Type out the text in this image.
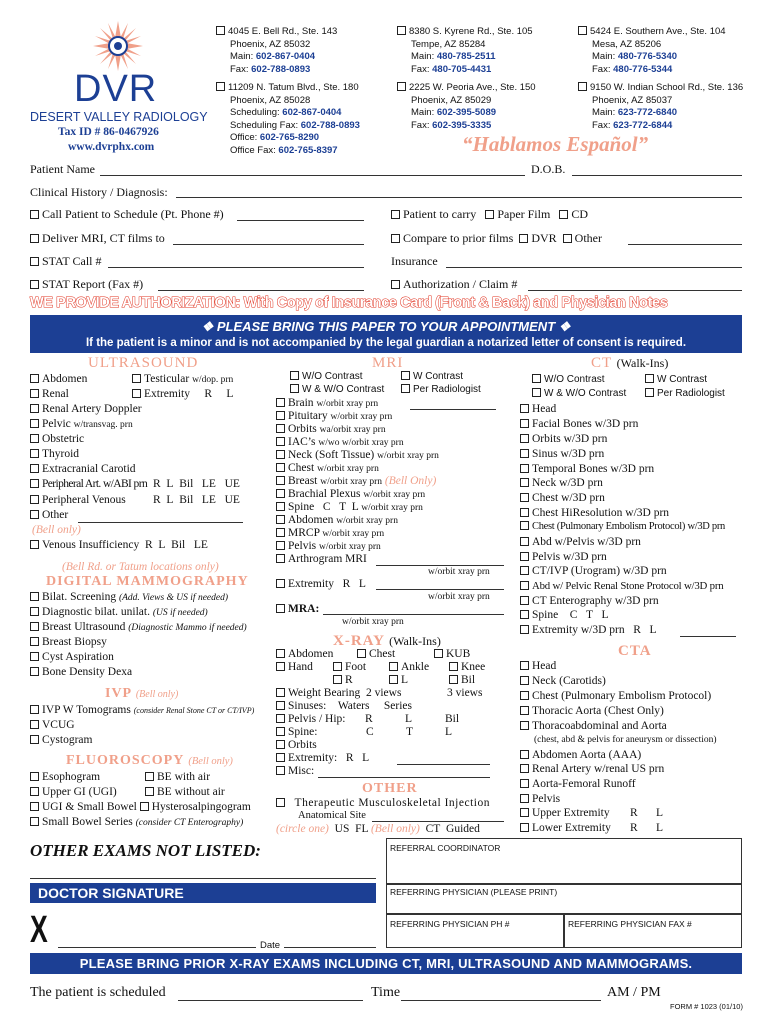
DVR
DESERT VALLEY RADIOLOGY
Tax ID # 86-0467926
www.dvrphx.com
4045 E. Bell Rd., Ste. 143
Phoenix, AZ 85032
Main: 602-867-0404
Fax: 602-788-0893
8380 S. Kyrene Rd., Ste. 105
Tempe, AZ 85284
Main: 480-785-2511
Fax: 480-705-4431
5424 E. Southern Ave., Ste. 104
Mesa, AZ 85206
Main: 480-776-5340
Fax: 480-776-5344
11209 N. Tatum Blvd., Ste. 180
Phoenix, AZ 85028
Scheduling: 602-867-0404
Scheduling Fax: 602-788-0893
Office: 602-765-8290
Office Fax: 602-765-8397
2225 W. Peoria Ave., Ste. 150
Phoenix, AZ 85029
Main: 602-395-5089
Fax: 602-395-3335
9150 W. Indian School Rd., Ste. 136
Phoenix, AZ 85037
Main: 623-772-6840
Fax: 623-772-6844
“Hablamos Español”
Patient Name	D.O.B.
Clinical History / Diagnosis:
Call Patient to Schedule (Pt. Phone #)	Patient to carry Paper Film CD
Deliver MRI, CT films to	Compare to prior films DVR Other
STAT Call #	Insurance
STAT Report (Fax #)	Authorization / Claim #
WE PROVIDE AUTHORIZATION: With Copy of Insurance Card (Front & Back) and Physician Notes
❖ PLEASE BRING THIS PAPER TO YOUR APPOINTMENT ❖
If the patient is a minor and is not accompanied by the legal guardian a notarized letter of consent is required.
ULTRASOUND
Abdomen	Testicular w/dop. prn
Renal	Extremity R L
Renal Artery Doppler
Pelvic w/transvag. prn
Obstetric
Thyroid
Extracranial Carotid
Peripheral Art. w/ABI prn R L Bil LE UE
Peripheral Venous R L Bil LE UE
Other
(Bell only)
Venous Insufficiency R L Bil LE
(Bell Rd. or Tatum locations only)
DIGITAL MAMMOGRAPHY
Bilat. Screening (Add. Views & US if needed)
Diagnostic bilat. unilat. (US if needed)
Breast Ultrasound (Diagnostic Mammo if needed)
Breast Biopsy
Cyst Aspiration
Bone Density Dexa
IVP (Bell only)
IVP W Tomograms (consider Renal Stone CT or CT/IVP)
VCUG
Cystogram
FLUOROSCOPY (Bell only)
Esophogram	BE with air
Upper GI (UGI)	BE without air
UGI & Small Bowel Hysterosalpingogram
Small Bowel Series (consider CT Enterography)
MRI
W/O Contrast	W Contrast
W & W/O Contrast	Per Radiologist
Brain w/orbit xray prn
Pituitary w/orbit xray prn
Orbits wa/orbit xray prn
IAC’s w/wo w/orbit xray prn
Neck (Soft Tissue) w/orbit xray prn
Chest w/orbit xray prn
Breast w/orbit xray prn (Bell Only)
Brachial Plexus w/orbit xray prn
Spine C T L w/orbit xray prn
Abdomen w/orbit xray prn
MRCP w/orbit xray prn
Pelvis w/orbit xray prn
Arthrogram MRI
w/orbit xray prn
Extremity R L
w/orbit xray prn
MRA:
w/orbit xray prn
X-RAY (Walk-Ins)
Abdomen	Chest	KUB
Hand	Foot	Ankle	Knee
R	L	Bil
Weight Bearing 2 views	3 views
Sinuses: Waters Series
Pelvis / Hip: R	L	Bil
Spine:	C	T	L
Orbits
Extremity: R L
Misc:
OTHER
Therapeutic Musculoskeletal Injection
Anatomical Site
(circle one) US FL (Bell only) CT Guided
CT (Walk-Ins)
W/O Contrast	W Contrast
W & W/O Contrast	Per Radiologist
Head
Facial Bones w/3D prn
Orbits w/3D prn
Sinus w/3D prn
Temporal Bones w/3D prn
Neck w/3D prn
Chest w/3D prn
Chest HiResolution w/3D prn
Chest (Pulmonary Embolism Protocol) w/3D prn
Abd w/Pelvis w/3D prn
Pelvis w/3D prn
CT/IVP (Urogram) w/3D prn
Abd w/ Pelvic Renal Stone Protocol w/3D prn
CT Enterography w/3D prn
Spine C T L
Extremity w/3D prn R L
CTA
Head
Neck (Carotids)
Chest (Pulmonary Embolism Protocol)
Thoracic Aorta (Chest Only)
Thoracoabdominal and Aorta
(chest, abd & pelvis for aneurysm or dissection)
Abdomen Aorta (AAA)
Renal Artery w/renal US prn
Aorta-Femoral Runoff
Pelvis
Upper Extremity R L
Lower Extremity R L
OTHER EXAMS NOT LISTED:	REFERRAL COORDINATOR
DOCTOR SIGNATURE	REFERRING PHYSICIAN (PLEASE PRINT)
X	Date
REFERRING PHYSICIAN PH #	REFERRING PHYSICIAN FAX #
PLEASE BRING PRIOR X-RAY EXAMS INCLUDING CT, MRI, ULTRASOUND AND MAMMOGRAMS.
The patient is scheduled	Time	AM / PM
FORM # 1023 (01/10)
